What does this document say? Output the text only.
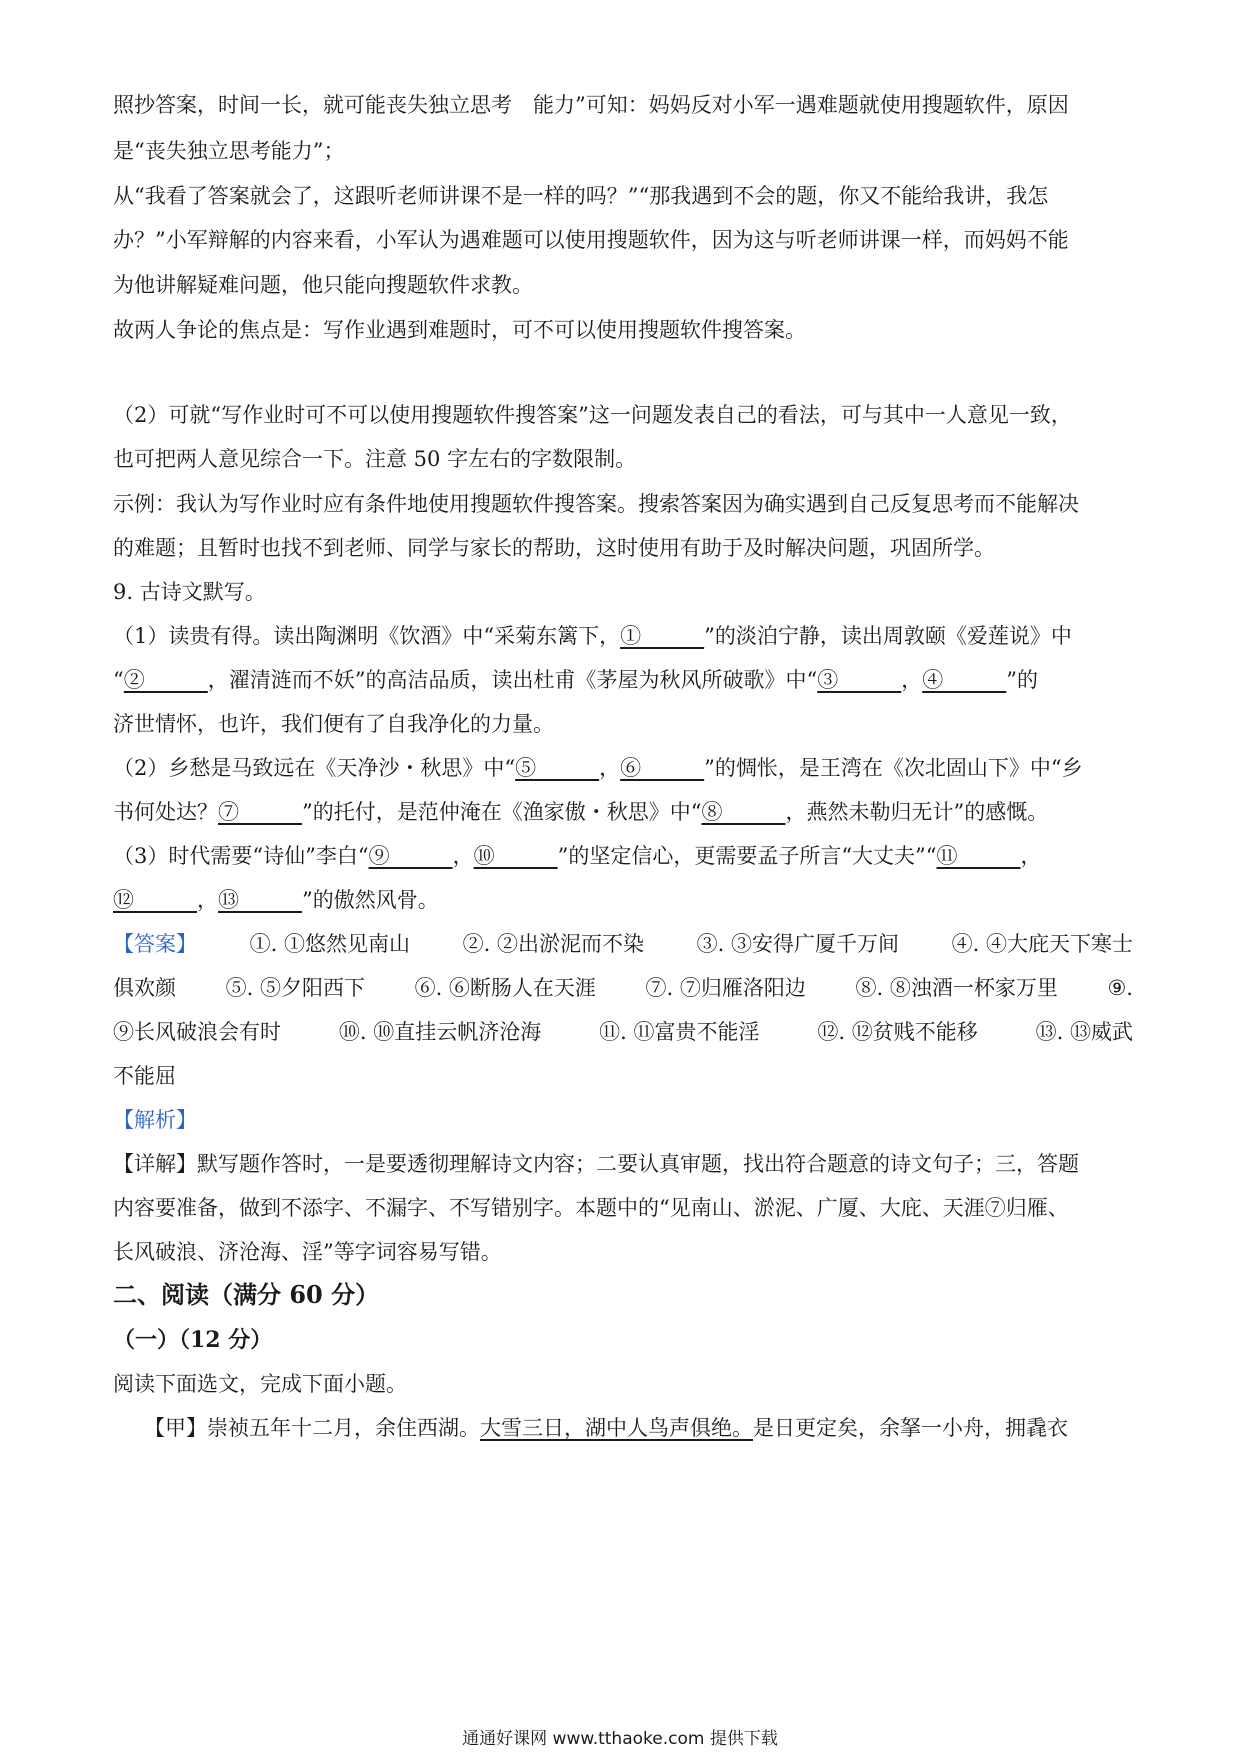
照抄答案，时间一长，就可能丧失独立思考　能力”可知：妈妈反对小军一遇难题就使用搜题软件，原因
是“丧失独立思考能力”；
从“我看了答案就会了，这跟听老师讲课不是一样的吗？”“那我遇到不会的题，你又不能给我讲，我怎
办？”小军辩解的内容来看，小军认为遇难题可以使用搜题软件，因为这与听老师讲课一样，而妈妈不能
为他讲解疑难问题，他只能向搜题软件求教。
故两人争论的焦点是：写作业遇到难题时，可不可以使用搜题软件搜答案。
（2）可就“写作业时可不可以使用搜题软件搜答案”这一问题发表自己的看法，可与其中一人意见一致，
也可把两人意见综合一下。注意 50 字左右的字数限制。
示例：我认为写作业时应有条件地使用搜题软件搜答案。搜索答案因为确实遇到自己反复思考而不能解决
的难题；且暂时也找不到老师、同学与家长的帮助，这时使用有助于及时解决问题，巩固所学。
9. 古诗文默写。
（1）读贵有得。读出陶渊明《饮酒》中“采菊东篱下，①______”的淡泊宁静，读出周敦颐《爱莲说》中
“②______，濯清涟而不妖”的高洁品质，读出杜甫《茅屋为秋风所破歌》中“③______，④______”的
济世情怀，也许，我们便有了自我净化的力量。
（2）乡愁是马致远在《天净沙・秋思》中“⑤______，⑥______”的惆怅，是王湾在《次北固山下》中“乡
书何处达？⑦______”的托付，是范仲淹在《渔家傲・秋思》中“⑧______，燕然未勒归无计”的感慨。
（3）时代需要“诗仙”李白“⑨______，⑩______”的坚定信心，更需要孟子所言“大丈夫”“⑪______，
⑫______，⑬______”的傲然风骨。
【答案】	①. ①悠然见南山	②. ②出淤泥而不染	③. ③安得广厦千万间	④. ④大庇天下寒士
俱欢颜 ⑤. ⑤夕阳西下 ⑥. ⑥断肠人在天涯 ⑦. ⑦归雁洛阳边 ⑧. ⑧浊酒一杯家万里 ⑨.
⑨长风破浪会有时	⑩. ⑩直挂云帆济沧海	⑪. ⑪富贵不能淫	⑫. ⑫贫贱不能移	⑬. ⑬威武
不能屈
【解析】
【详解】默写题作答时，一是要透彻理解诗文内容；二要认真审题，找出符合题意的诗文句子；三，答题
内容要准备，做到不添字、不漏字、不写错别字。本题中的“见南山、淤泥、广厦、大庇、天涯⑦归雁、
长风破浪、济沧海、淫”等字词容易写错。
二、阅读（满分 60 分）
（一）（12 分）
阅读下面选文，完成下面小题。
【甲】崇祯五年十二月，余住西湖。大雪三日，湖中人鸟声俱绝。是日更定矣，余拏一小舟，拥毳衣
通通好课网 www.tthaoke.com 提供下载
